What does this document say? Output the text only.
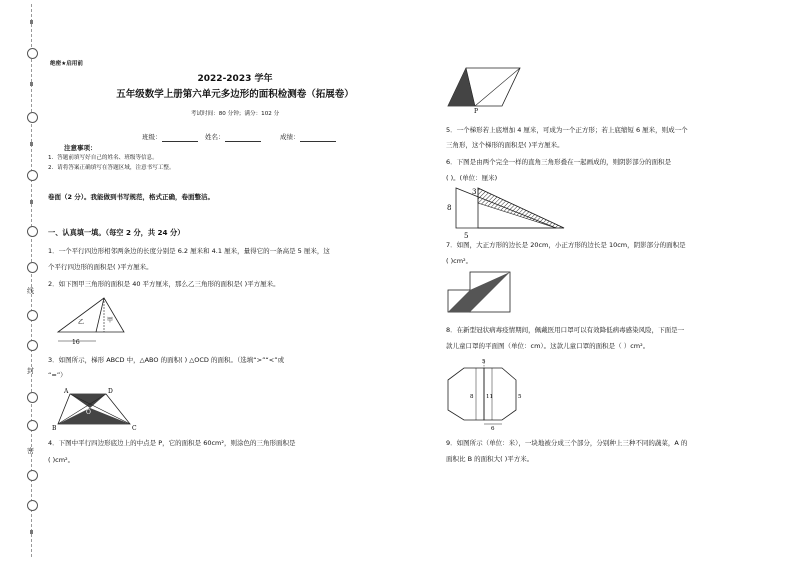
线
封
密
绝密★启用前
2022-2023 学年
五年级数学上册第六单元多边形的面积检测卷（拓展卷）
考试时间：80 分钟；满分：102 分
班级：	姓名：	成绩：
注意事项：
1．答题前填写好自己的姓名、班级等信息。
2．请将答案正确填写在答题区域，注意书写工整。
卷面（2 分）。我能做到书写规范，格式正确，卷面整洁。
一、认真填一填。（每空 2 分，共 24 分）
1．一个平行四边形相邻两条边的长度分别是 6.2 厘米和 4.1 厘米，量得它的一条高是 5 厘米，这
个平行四边形的面积是( )平方厘米。
2．如下图甲三角形的面积是 40 平方厘米，那么乙三角形的面积是( )平方厘米。
乙	甲
16
3．如图所示，梯形 ABCD 中，△ABO 的面积( ) △OCD 的面积。（选填“>”“<”或
“=”）
A	D
O
B	C
4．下图中平行四边形底边上的中点是 P，它的面积是 60cm²，则涂色的三角形面积是
( )cm²。
P
5．一个梯形若上底增加 4 厘米，可成为一个正方形；若上底缩短 6 厘米，则成一个
三角形，这个梯形的面积是( )平方厘米。
6．下图是由两个完全一样的直角三角形叠在一起画成的，则阴影部分的面积是
( )。(单位：厘米)
8
3
5
7．如图，大正方形的边长是 20cm，小正方形的边长是 10cm，阴影部分的面积是
( )cm²。
8．在新型冠状病毒疫情期间，佩戴医用口罩可以有效降低病毒感染风险，下面是一
款儿童口罩的平面图（单位：cm）。这款儿童口罩的面积是（ ）cm²。
5
8 11	5
6
9．如图所示（单位：米），一块地被分成三个部分，分别种上三种不同的蔬菜，A 的
面积比 B 的面积大( )平方米。
